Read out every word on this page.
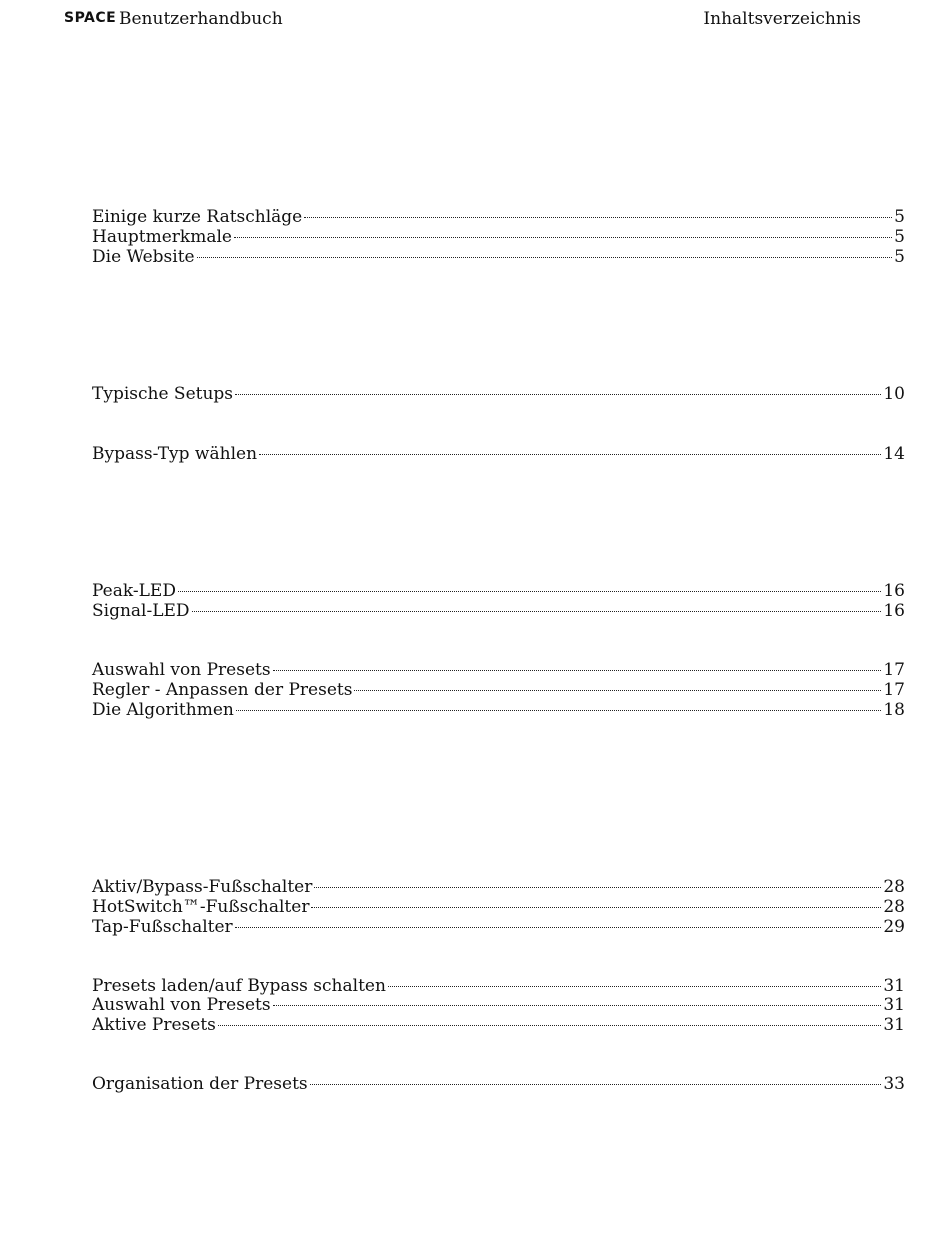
SPACE Benutzerhandbuch	Inhaltsverzeichnis
Einige kurze Ratschläge	5
Hauptmerkmale	5
Die Website	5
Typische Setups	10
Bypass-Typ wählen	14
Peak-LED	16
Signal-LED	16
Auswahl von Presets	17
Regler - Anpassen der Presets	17
Die Algorithmen	18
Aktiv/Bypass-Fußschalter	28
HotSwitch™-Fußschalter	28
Tap-Fußschalter	29
Presets laden/auf Bypass schalten	31
Auswahl von Presets	31
Aktive Presets	31
Organisation der Presets	33
